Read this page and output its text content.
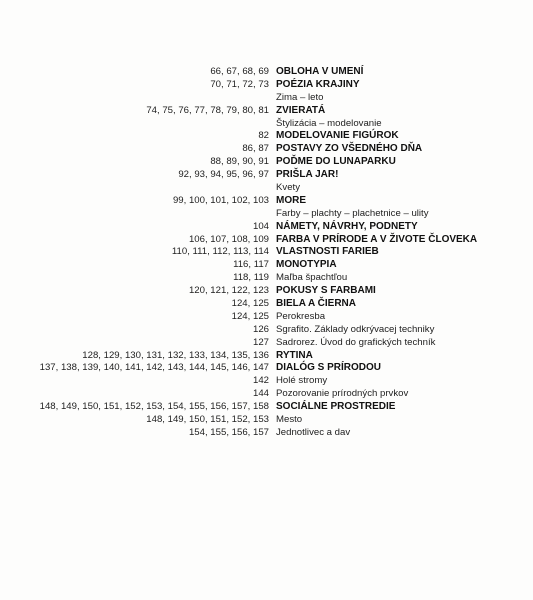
66, 67, 68, 69 OBLOHA V UMENÍ
70, 71, 72, 73 POÉZIA KRAJINY
Zima – leto
74, 75, 76, 77, 78, 79, 80, 81 ZVIERATÁ
Štylizácia – modelovanie
82 MODELOVANIE FIGÚROK
86, 87 POSTAVY ZO VŠEDNÉHO DŇA
88, 89, 90, 91 POĎME DO LUNAPARKU
92, 93, 94, 95, 96, 97 PRIŠLA JAR!
Kvety
99, 100, 101, 102, 103 MORE
Farby – plachty – plachetnice – ulity
104 NÁMETY, NÁVRHY, PODNETY
106, 107, 108, 109 FARBA V PRÍRODE A V ŽIVOTE ČLOVEKA
110, 111, 112, 113, 114 VLASTNOSTI FARIEB
116, 117 MONOTYPIA
118, 119 Maľba špachtľou
120, 121, 122, 123 POKUSY S FARBAMI
124, 125 BIELA A ČIERNA
124, 125 Perokresba
126 Sgrafito. Základy odkrývacej techniky
127 Sadrorez. Úvod do grafických techník
128, 129, 130, 131, 132, 133, 134, 135, 136 RYTINA
137, 138, 139, 140, 141, 142, 143, 144, 145, 146, 147 DIALÓG S PRÍRODOU
142 Holé stromy
144 Pozorovanie prírodných prvkov
148, 149, 150, 151, 152, 153, 154, 155, 156, 157, 158 SOCIÁLNE PROSTREDIE
148, 149, 150, 151, 152, 153 Mesto
154, 155, 156, 157 Jednotlivec a dav
